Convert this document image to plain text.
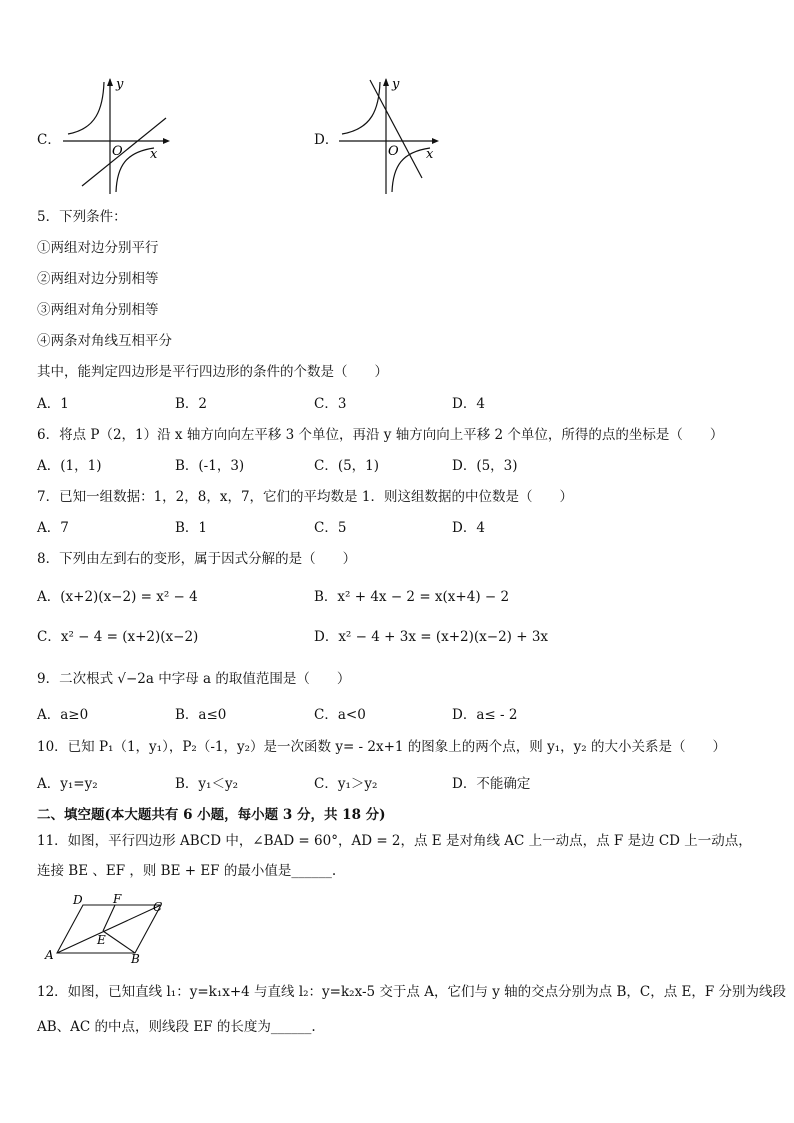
C．
y
x
O
D．
y
x
O
5．下列条件：
①两组对边分别平行
②两组对边分别相等
③两组对角分别相等
④两条对角线互相平分
其中，能判定四边形是平行四边形的条件的个数是（　　）
A．1	B．2	C．3	D．4
6．将点 P（2，1）沿 x 轴方向向左平移 3 个单位，再沿 y 轴方向向上平移 2 个单位，所得的点的坐标是（　　）
A．(1，1)	B．(-1，3)	C．(5，1)	D．(5，3)
7．已知一组数据：1，2，8，x，7，它们的平均数是 1．则这组数据的中位数是（　　）
A．7	B．1	C．5	D．4
8．下列由左到右的变形，属于因式分解的是（　　）
A．(x+2)(x−2) = x² − 4	B．x² + 4x − 2 = x(x+4) − 2
C．x² − 4 = (x+2)(x−2)	D．x² − 4 + 3x = (x+2)(x−2) + 3x
9．二次根式 √−2a 中字母 a 的取值范围是（　　）
A．a≥0	B．a≤0	C．a<0	D．a≤ - 2
10．已知 P₁（1，y₁），P₂（-1，y₂）是一次函数 y= - 2x+1 的图象上的两个点，则 y₁，y₂ 的大小关系是（　　）
A．y₁=y₂	B．y₁＜y₂	C．y₁＞y₂	D．不能确定
二、填空题(本大题共有 6 小题，每小题 3 分，共 18 分)
11．如图，平行四边形 ABCD 中，∠BAD = 60°，AD = 2，点 E 是对角线 AC 上一动点，点 F 是边 CD 上一动点，
连接 BE 、EF ，则 BE + EF 的最小值是______.
A	B
C
D
E
F
12．如图，已知直线 l₁：y=k₁x+4 与直线 l₂：y=k₂x-5 交于点 A，它们与 y 轴的交点分别为点 B，C，点 E，F 分别为线段
AB、AC 的中点，则线段 EF 的长度为______.
